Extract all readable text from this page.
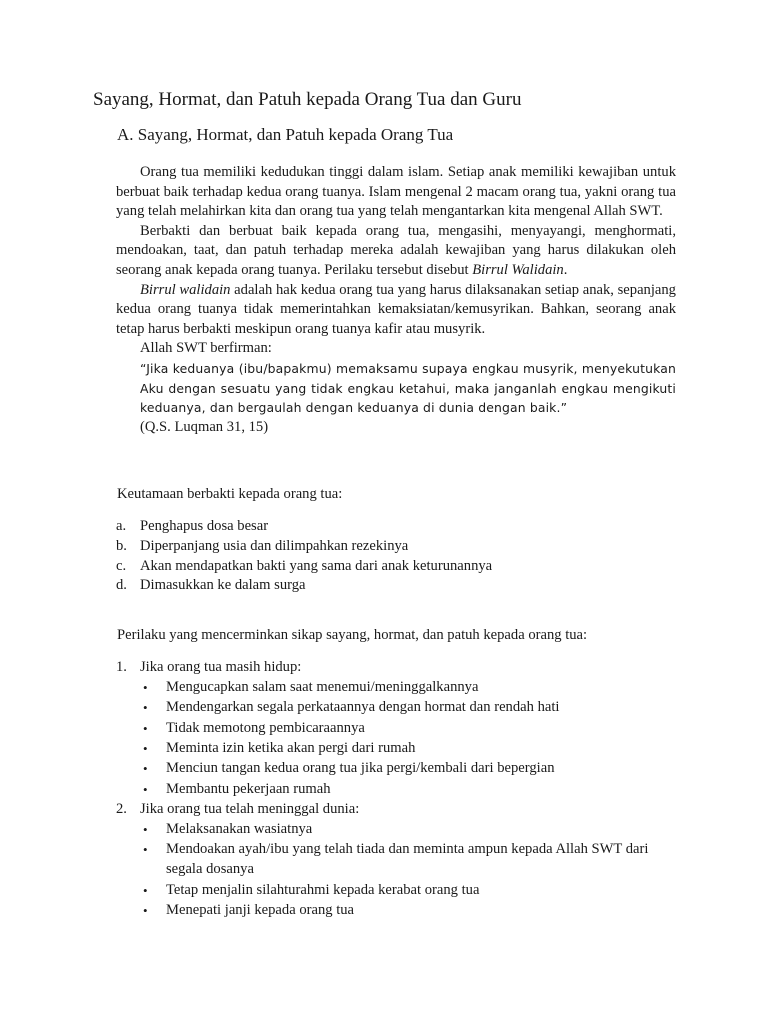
Sayang, Hormat, dan Patuh kepada Orang Tua dan Guru
A. Sayang, Hormat, dan Patuh kepada Orang Tua

Orang tua memiliki kedudukan tinggi dalam islam. Setiap anak memiliki kewajiban untuk berbuat baik terhadap kedua orang tuanya. Islam mengenal 2 macam orang tua, yakni orang tua yang telah melahirkan kita dan orang tua yang telah mengantarkan kita mengenal Allah SWT.

Berbakti dan berbuat baik kepada orang tua, mengasihi, menyayangi, menghormati, mendoakan, taat, dan patuh terhadap mereka adalah kewajiban yang harus dilakukan oleh seorang anak kepada orang tuanya. Perilaku tersebut disebut Birrul Walidain.

Birrul walidain adalah hak kedua orang tua yang harus dilaksanakan setiap anak, sepanjang kedua orang tuanya tidak memerintahkan kemaksiatan/kemusyrikan. Bahkan, seorang anak tetap harus berbakti meskipun orang tuanya kafir atau musyrik.

Allah SWT berfirman:

“Jika keduanya (ibu/bapakmu) memaksamu supaya engkau musyrik, menyekutukan Aku dengan sesuatu yang tidak engkau ketahui, maka janganlah engkau mengikuti keduanya, dan bergaulah dengan keduanya di dunia dengan baik.”

(Q.S. Luqman 31, 15)

Keutamaan berbakti kepada orang tua:

a. Penghapus dosa besar
b. Diperpanjang usia dan dilimpahkan rezekinya
c. Akan mendapatkan bakti yang sama dari anak keturunannya
d. Dimasukkan ke dalam surga

Perilaku yang mencerminkan sikap sayang, hormat, dan patuh kepada orang tua:

1. Jika orang tua masih hidup:
• Mengucapkan salam saat menemui/meninggalkannya
• Mendengarkan segala perkataannya dengan hormat dan rendah hati
• Tidak memotong pembicaraannya
• Meminta izin ketika akan pergi dari rumah
• Menciun tangan kedua orang tua jika pergi/kembali dari bepergian
• Membantu pekerjaan rumah
2. Jika orang tua telah meninggal dunia:
• Melaksanakan wasiatnya
• Mendoakan ayah/ibu yang telah tiada dan meminta ampun kepada Allah SWT dari segala dosanya
• Tetap menjalin silahturahmi kepada kerabat orang tua
• Menepati janji kepada orang tua
